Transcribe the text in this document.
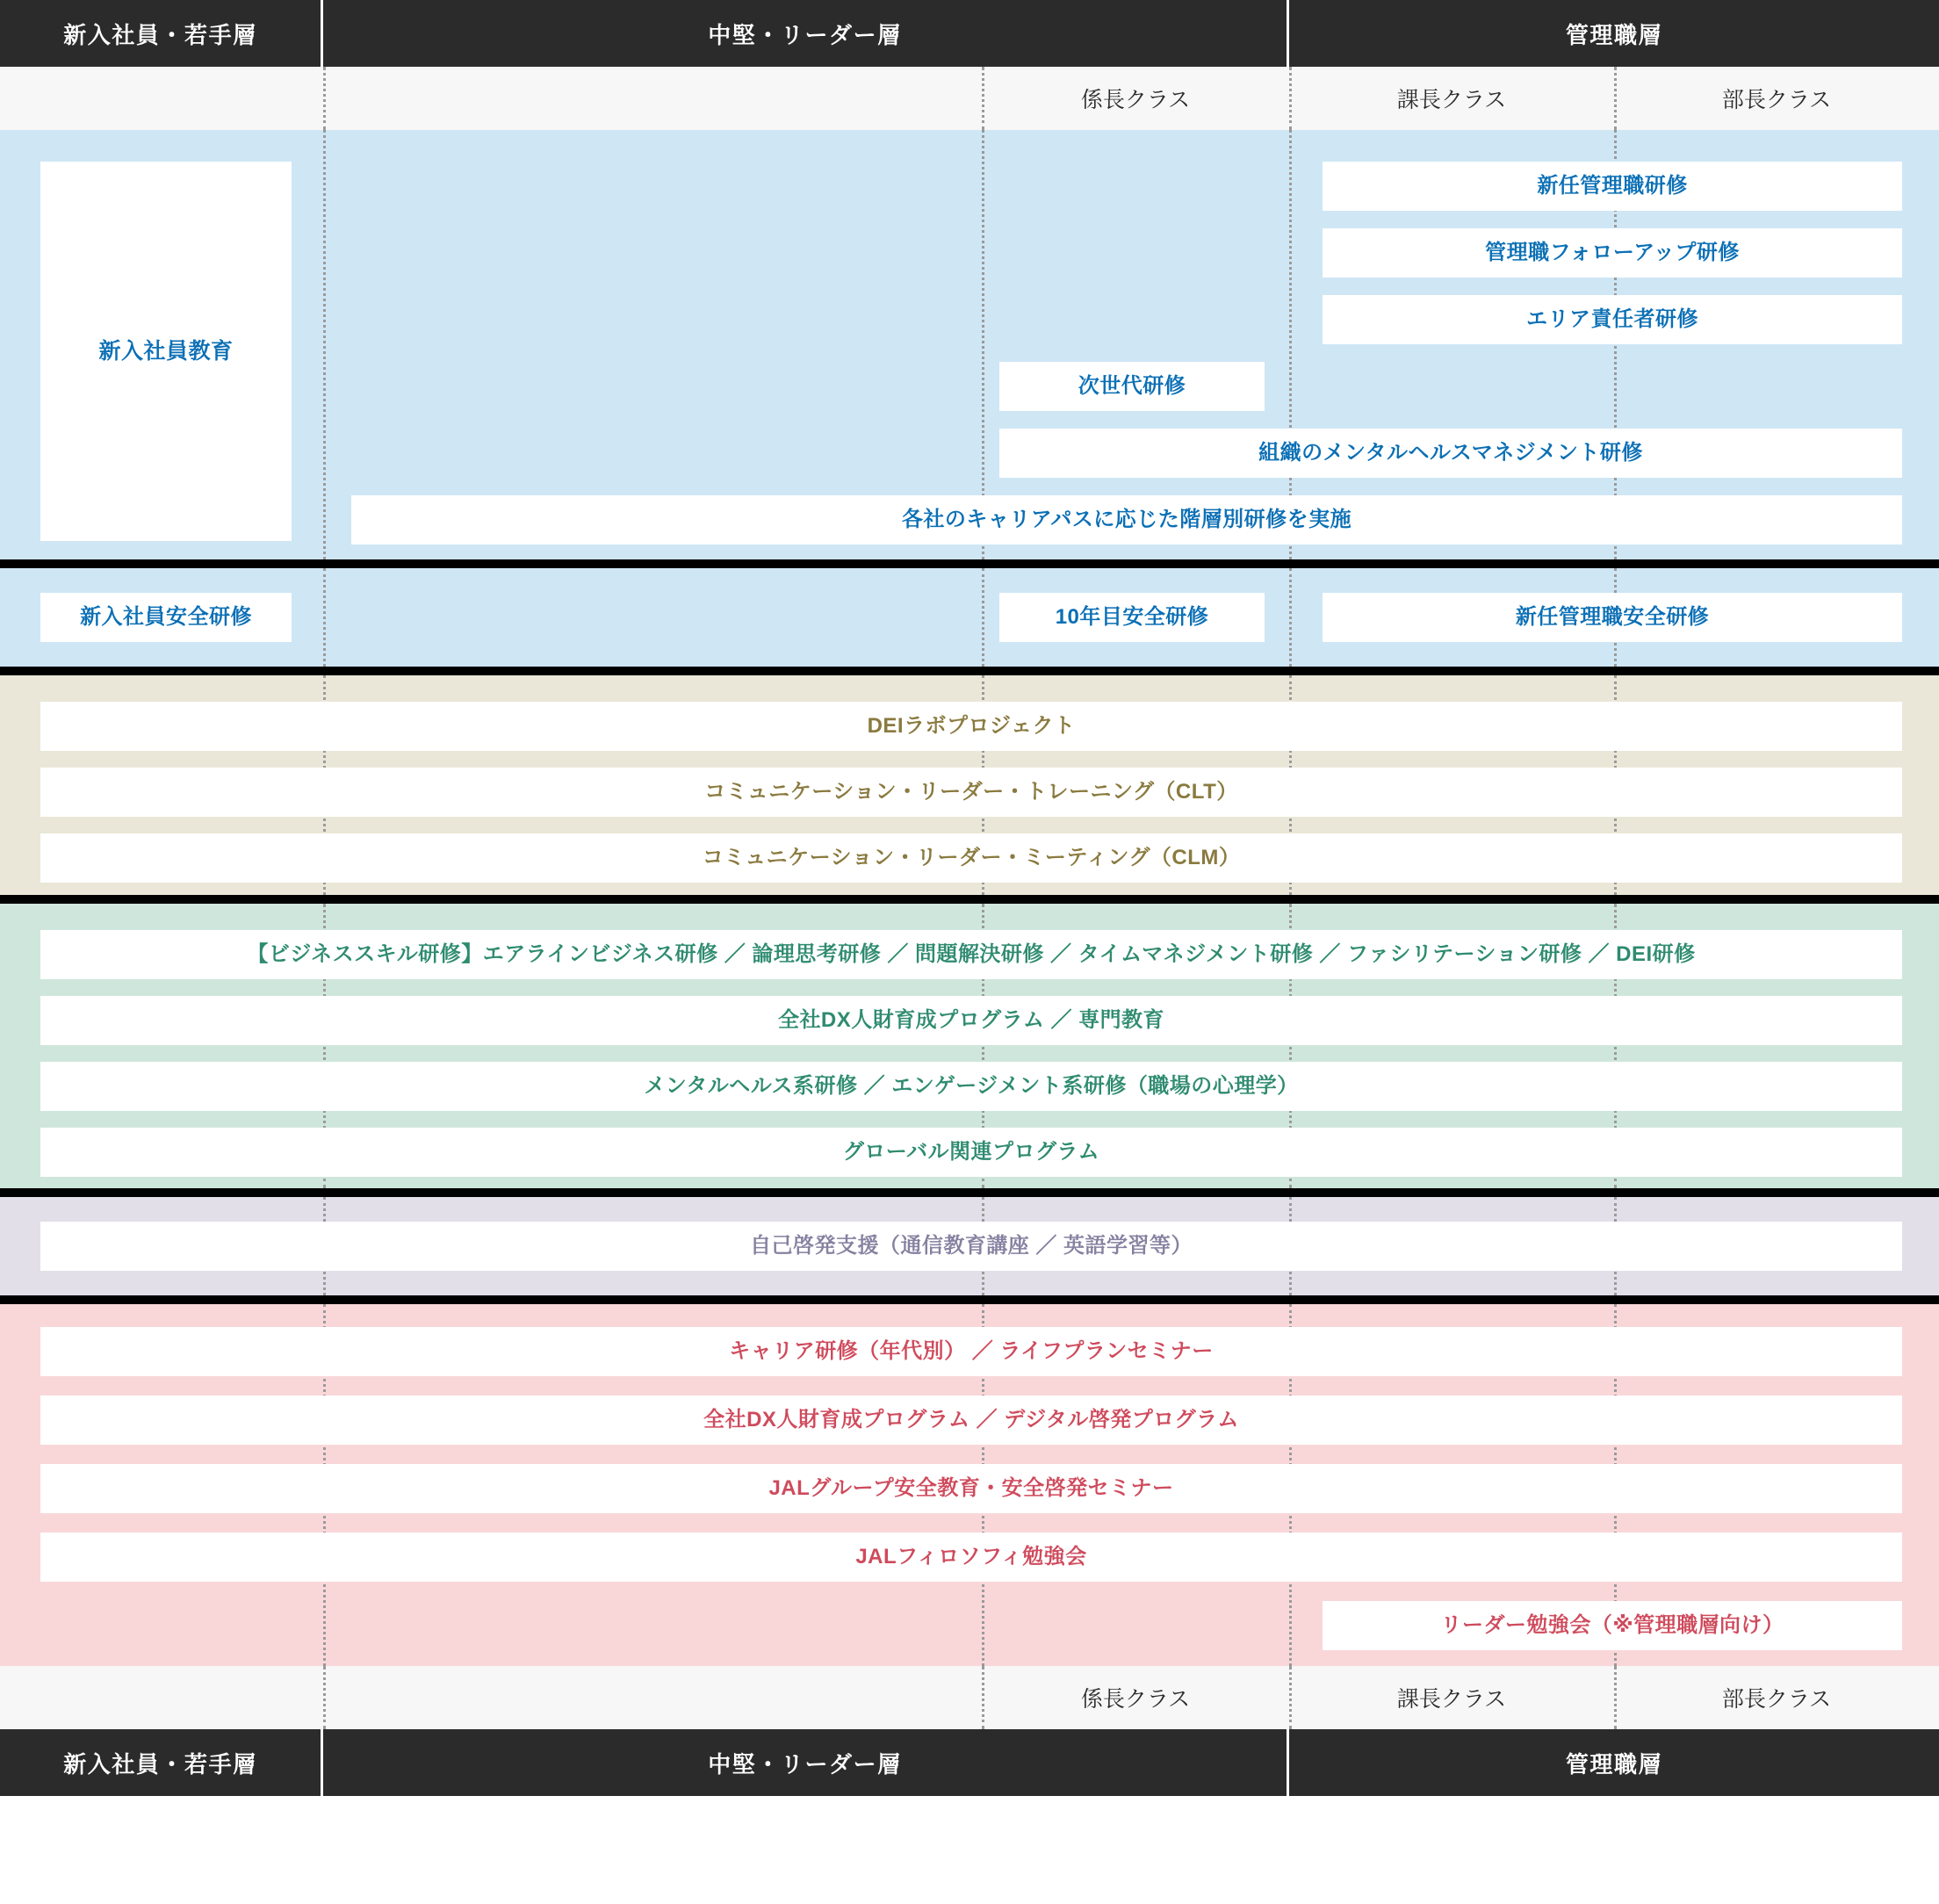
新入社員・若手層	中堅・リーダー層	管理職層
係長クラス	課長クラス	部長クラス
新入社員教育
新任管理職研修
管理職フォローアップ研修
エリア責任者研修
次世代研修
組織のメンタルヘルスマネジメント研修
各社のキャリアパスに応じた階層別研修を実施
新入社員安全研修	10年目安全研修	新任管理職安全研修
DEIラボプロジェクト
コミュニケーション・リーダー・トレーニング（CLT）
コミュニケーション・リーダー・ミーティング（CLM）
【ビジネススキル研修】エアラインビジネス研修 ／ 論理思考研修 ／ 問題解決研修 ／ タイムマネジメント研修 ／ ファシリテーション研修 ／ DEI研修
全社DX人財育成プログラム ／ 専門教育
メンタルヘルス系研修 ／ エンゲージメント系研修（職場の心理学）
グローバル関連プログラム
自己啓発支援（通信教育講座 ／ 英語学習等）
キャリア研修（年代別） ／ ライフプランセミナー
全社DX人財育成プログラム ／ デジタル啓発プログラム
JALグループ安全教育・安全啓発セミナー
JALフィロソフィ勉強会
リーダー勉強会（※管理職層向け）
係長クラス	課長クラス	部長クラス
新入社員・若手層	中堅・リーダー層	管理職層
